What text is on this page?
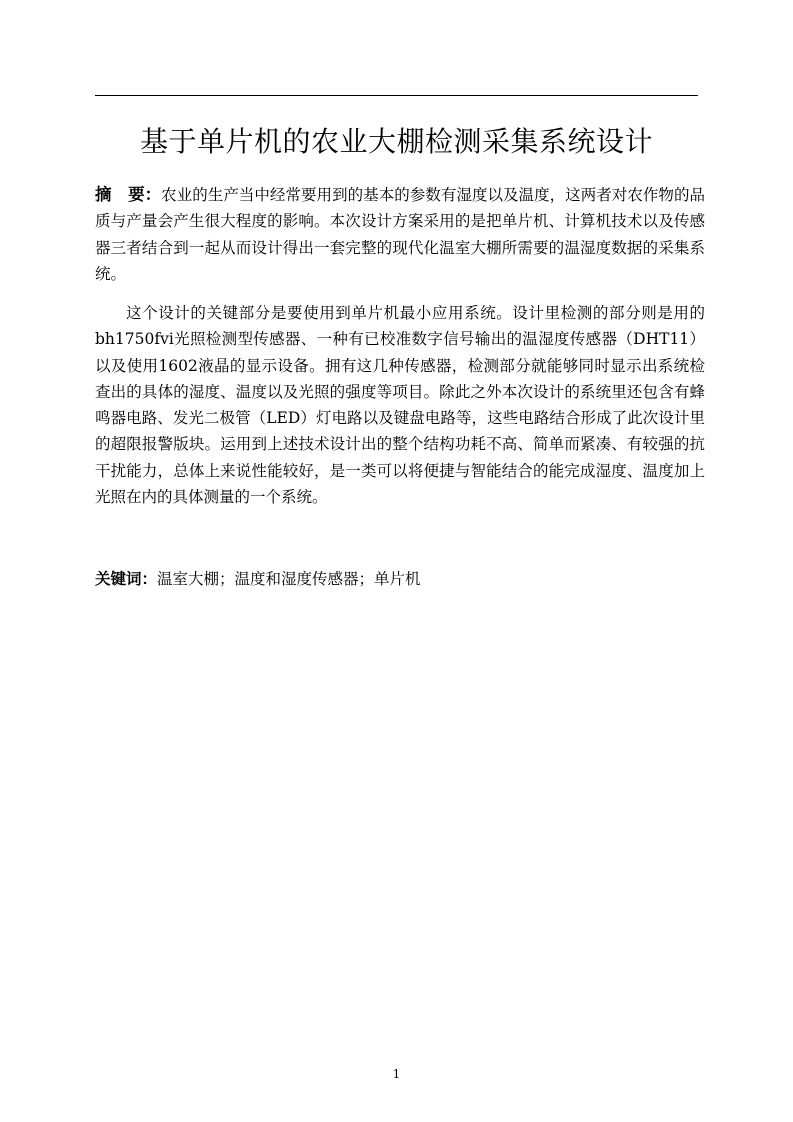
基于单片机的农业大棚检测采集系统设计

摘　要：农业的生产当中经常要用到的基本的参数有湿度以及温度，这两者对农作物的品质与产量会产生很大程度的影响。本次设计方案采用的是把单片机、计算机技术以及传感器三者结合到一起从而设计得出一套完整的现代化温室大棚所需要的温湿度数据的采集系统。

这个设计的关键部分是要使用到单片机最小应用系统。设计里检测的部分则是用的bh1750fvi光照检测型传感器、一种有已校准数字信号输出的温湿度传感器（DHT11）以及使用1602液晶的显示设备。拥有这几种传感器，检测部分就能够同时显示出系统检查出的具体的湿度、温度以及光照的强度等项目。除此之外本次设计的系统里还包含有蜂鸣器电路、发光二极管（LED）灯电路以及键盘电路等，这些电路结合形成了此次设计里的超限报警版块。运用到上述技术设计出的整个结构功耗不高、简单而紧凑、有较强的抗干扰能力，总体上来说性能较好，是一类可以将便捷与智能结合的能完成湿度、温度加上光照在内的具体测量的一个系统。

关键词：温室大棚；温度和湿度传感器；单片机

1
